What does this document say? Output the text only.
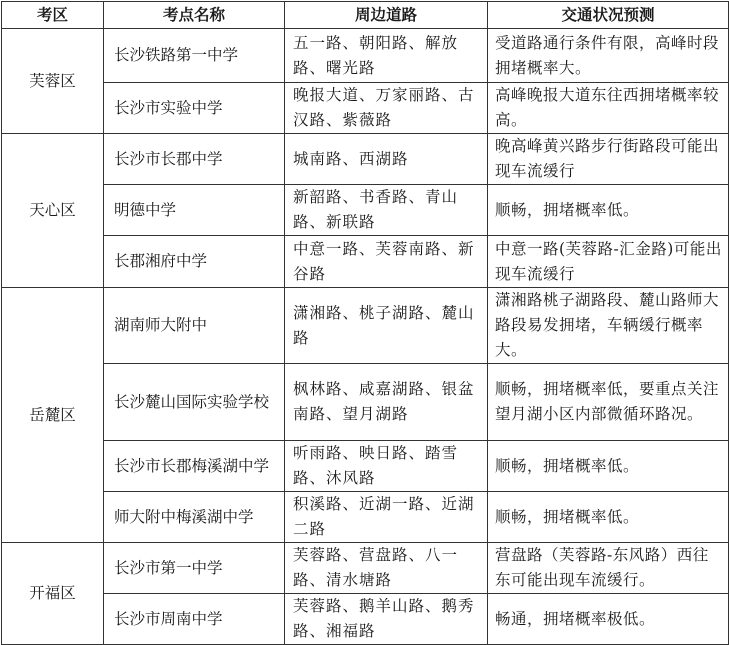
考区	考点名称	周边道路	交通状况预测
芙蓉区	长沙铁路第一中学	五一路、朝阳路、解放路、曙光路	受道路通行条件有限，高峰时段拥堵概率大。
	长沙市实验中学	晚报大道、万家丽路、古汉路、紫薇路	高峰晚报大道东往西拥堵概率较高。
天心区	长沙市长郡中学	城南路、西湖路	晚高峰黄兴路步行街路段可能出现车流缓行
	明德中学	新韶路、书香路、青山路、新联路	顺畅，拥堵概率低。
	长郡湘府中学	中意一路、芙蓉南路、新谷路	中意一路(芙蓉路-汇金路)可能出现车流缓行
岳麓区	湖南师大附中	潇湘路、桃子湖路、麓山路	潇湘路桃子湖路段、麓山路师大路段易发拥堵，车辆缓行概率大。
	长沙麓山国际实验学校	枫林路、咸嘉湖路、银盆南路、望月湖路	顺畅，拥堵概率低，要重点关注望月湖小区内部微循环路况。
	长沙市长郡梅溪湖中学	听雨路、映日路、踏雪路、沐风路	顺畅，拥堵概率低。
	师大附中梅溪湖中学	积溪路、近湖一路、近湖二路	顺畅，拥堵概率低。
开福区	长沙市第一中学	芙蓉路、营盘路、八一路、清水塘路	营盘路（芙蓉路-东风路）西往东可能出现车流缓行。
	长沙市周南中学	芙蓉路、鹅羊山路、鹅秀路、湘福路	畅通，拥堵概率极低。
